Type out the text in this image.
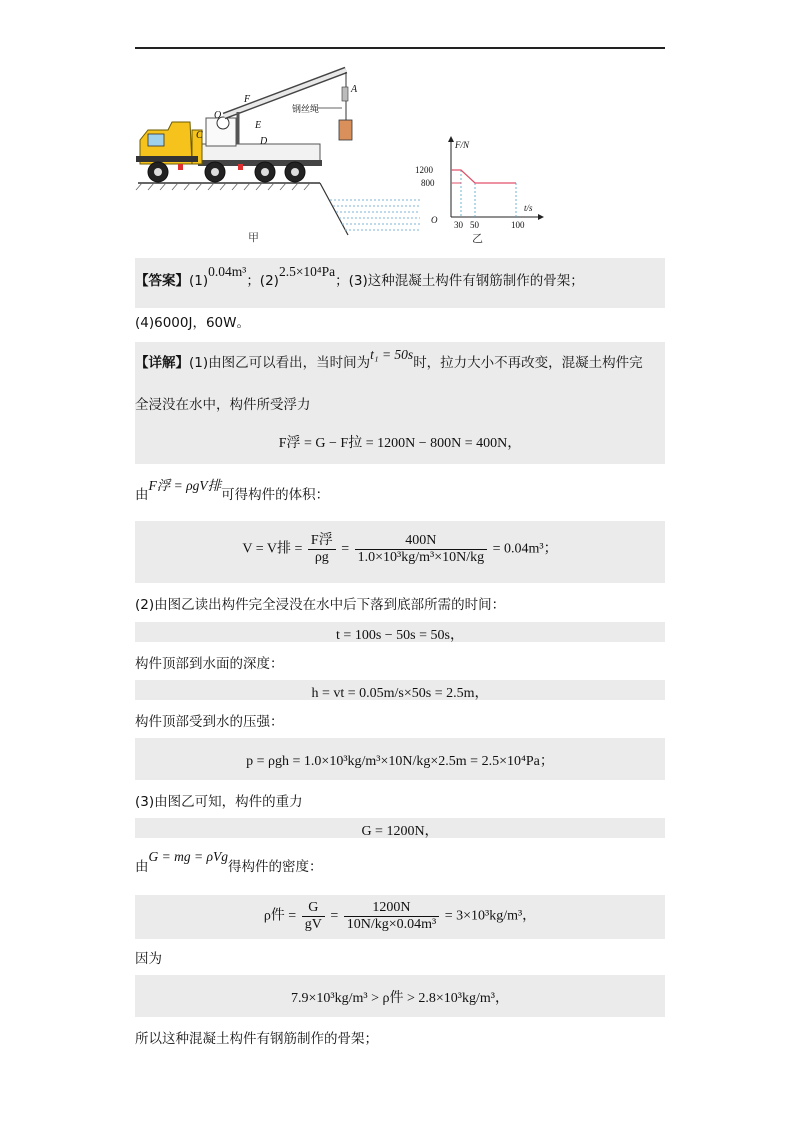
钢丝绳
A
O
F
E
C
D	F/N
t/s
O
1200
800
30 50	100
甲	乙
【答案】(1)0.04m³；(2)2.5×10⁴Pa；(3)这种混凝土构件有钢筋制作的骨架；
(4)6000J，60W。
【详解】(1)由图乙可以看出，当时间为t₁ = 50s时，拉力大小不再改变，混凝土构件完
全浸没在水中，构件所受浮力
F浮 = G − F拉 = 1200N − 800N = 400N，
由F浮 = ρgV排可得构件的体积：
V = V排 = $\frac{\text{F浮}}{\rho g} = \frac{400N}{\text{1.0×10³kg/m³×10N/kg}} = 0.04m^3$；
(2)由图乙读出构件完全浸没在水中后下落到底部所需的时间：
t = 100s − 50s = 50s，
构件顶部到水面的深度：
h = vt = 0.05m/s×50s = 2.5m，
构件顶部受到水的压强：
p = ρgh = 1.0×10³kg/m³×10N/kg×2.5m = 2.5×10⁴Pa；
(3)由图乙可知，构件的重力
G = 1200N，
由G = mg = ρVg得构件的密度：
ρ件 = $\frac{G}{gV} = \frac{1200N}{\text{10N/kg×0.04m³}} = 3\times 10^3kg/m^3$，
因为
7.9×10³kg/m³ > ρ件 > 2.8×10³kg/m³，
所以这种混凝土构件有钢筋制作的骨架；
